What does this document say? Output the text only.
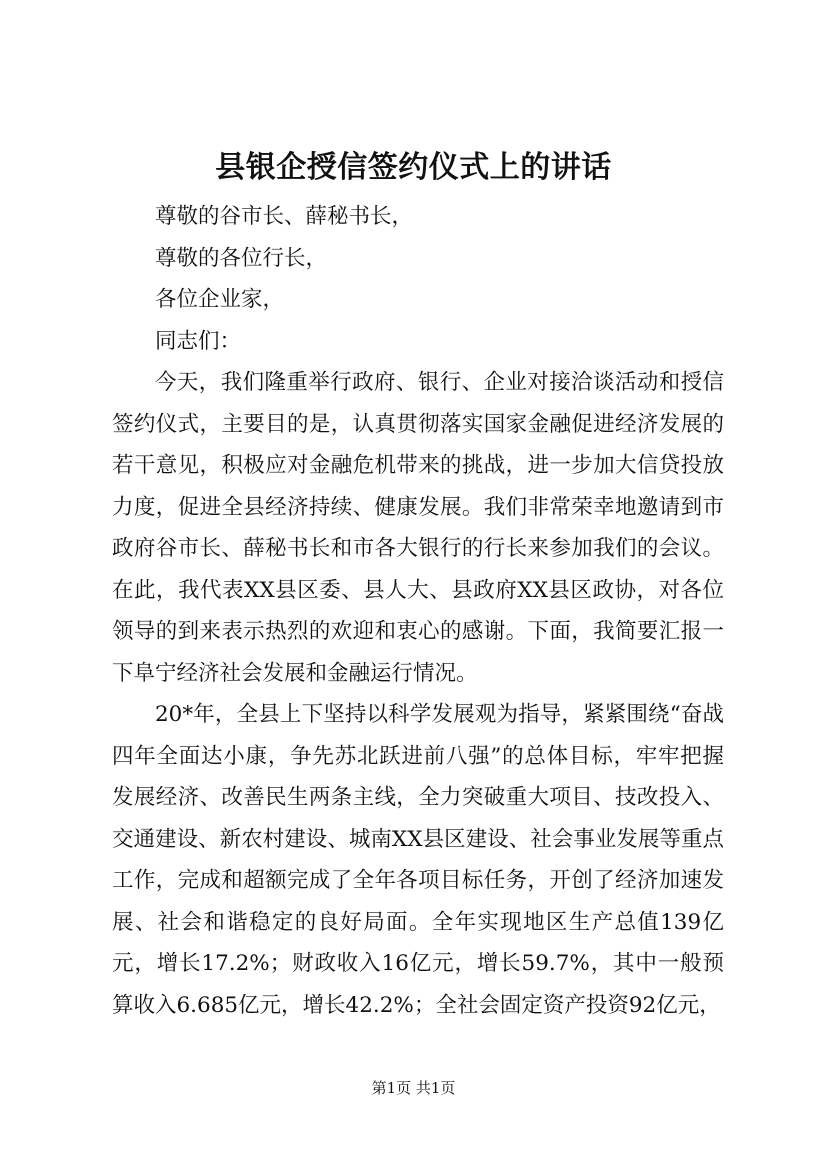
县银企授信签约仪式上的讲话

尊敬的谷市长、薛秘书长，

尊敬的各位行长，

各位企业家，

同志们：

今天，我们隆重举行政府、银行、企业对接洽谈活动和授信签约仪式，主要目的是，认真贯彻落实国家金融促进经济发展的若干意见，积极应对金融危机带来的挑战，进一步加大信贷投放力度，促进全县经济持续、健康发展。我们非常荣幸地邀请到市政府谷市长、薛秘书长和市各大银行的行长来参加我们的会议。在此，我代表XX县区委、县人大、县政府XX县区政协，对各位领导的到来表示热烈的欢迎和衷心的感谢。下面，我简要汇报一下阜宁经济社会发展和金融运行情况。

20*年，全县上下坚持以科学发展观为指导，紧紧围绕“奋战四年全面达小康，争先苏北跃进前八强”的总体目标，牢牢把握发展经济、改善民生两条主线，全力突破重大项目、技改投入、交通建设、新农村建设、城南XX县区建设、社会事业发展等重点工作，完成和超额完成了全年各项目标任务，开创了经济加速发展、社会和谐稳定的良好局面。全年实现地区生产总值139亿元，增长17.2%；财政收入16亿元，增长59.7%，其中一般预算收入6.685亿元，增长42.2%；全社会固定资产投资92亿元，

第1页 共1页
